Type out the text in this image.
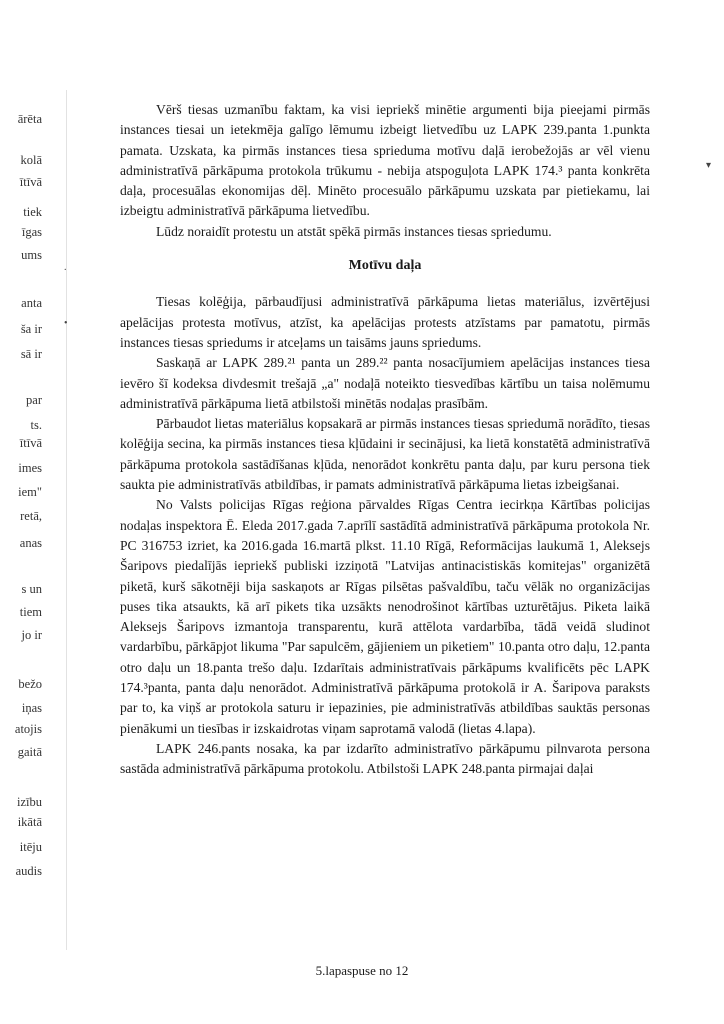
ārēta
kolā
ītīvā
tiek
īgas
ums
anta
ša ir
sā ir
par
ts.
ītīvā
imes
iem"
retā,
anas
s un
tiem
jo ir
bežo
iņas
atojis
gaitā
izību
ikātā
itēju
audis
.
•
▾

Vērš tiesas uzmanību faktam, ka visi iepriekš minētie argumenti bija pieejami pirmās instances tiesai un ietekmēja galīgo lēmumu izbeigt lietvedību uz LAPK 239.panta 1.punkta pamata. Uzskata, ka pirmās instances tiesa sprieduma motīvu daļā ierobežojās ar vēl vienu administratīvā pārkāpuma protokola trūkumu - nebija atspoguļota LAPK 174.³ panta konkrēta daļa, procesuālas ekonomijas dēļ. Minēto procesuālo pārkāpumu uzskata par pietiekamu, lai izbeigtu administratīvā pārkāpuma lietvedību.

Lūdz noraidīt protestu un atstāt spēkā pirmās instances tiesas spriedumu.

Motīvu daļa

Tiesas kolēģija, pārbaudījusi administratīvā pārkāpuma lietas materiālus, izvērtējusi apelācijas protesta motīvus, atzīst, ka apelācijas protests atzīstams par pamatotu, pirmās instances tiesas spriedums ir atceļams un taisāms jauns spriedums.

Saskaņā ar LAPK 289.²¹ panta un 289.²² panta nosacījumiem apelācijas instances tiesa ievēro šī kodeksa divdesmit trešajā „a" nodaļā noteikto tiesvedības kārtību un taisa nolēmumu administratīvā pārkāpuma lietā atbilstoši minētās nodaļas prasībām.

Pārbaudot lietas materiālus kopsakarā ar pirmās instances tiesas spriedumā norādīto, tiesas kolēģija secina, ka pirmās instances tiesa kļūdaini ir secinājusi, ka lietā konstatētā administratīvā pārkāpuma protokola sastādīšanas kļūda, nenorādot konkrētu panta daļu, par kuru persona tiek saukta pie administratīvās atbildības, ir pamats administratīvā pārkāpuma lietas izbeigšanai.

No Valsts policijas Rīgas reģiona pārvaldes Rīgas Centra iecirkņa Kārtības policijas nodaļas inspektora Ē. Eleda 2017.gada 7.aprīlī sastādītā administratīvā pārkāpuma protokola Nr. PC 316753 izriet, ka 2016.gada 16.martā plkst. 11.10 Rīgā, Reformācijas laukumā 1, Aleksejs Šaripovs piedalījās iepriekš publiski izziņotā "Latvijas antinacistiskās komitejas" organizētā piketā, kurš sākotnēji bija saskaņots ar Rīgas pilsētas pašvaldību, taču vēlāk no organizācijas puses tika atsaukts, kā arī pikets tika uzsākts nenodrošinot kārtības uzturētājus. Piketa laikā Aleksejs Šaripovs izmantoja transparentu, kurā attēlota vardarbība, tādā veidā sludinot vardarbību, pārkāpjot likuma "Par sapulcēm, gājieniem un piketiem" 10.panta otro daļu, 12.panta otro daļu un 18.panta trešo daļu. Izdarītais administratīvais pārkāpums kvalificēts pēc LAPK 174.³panta, panta daļu nenorādot. Administratīvā pārkāpuma protokolā ir A. Šaripova paraksts par to, ka viņš ar protokola saturu ir iepazinies, pie administratīvās atbildības sauktās personas pienākumi un tiesības ir izskaidrotas viņam saprotamā valodā (lietas 4.lapa).

LAPK 246.pants nosaka, ka par izdarīto administratīvo pārkāpumu pilnvarota persona sastāda administratīvā pārkāpuma protokolu. Atbilstoši LAPK 248.panta pirmajai daļai

5.lapaspuse no 12
